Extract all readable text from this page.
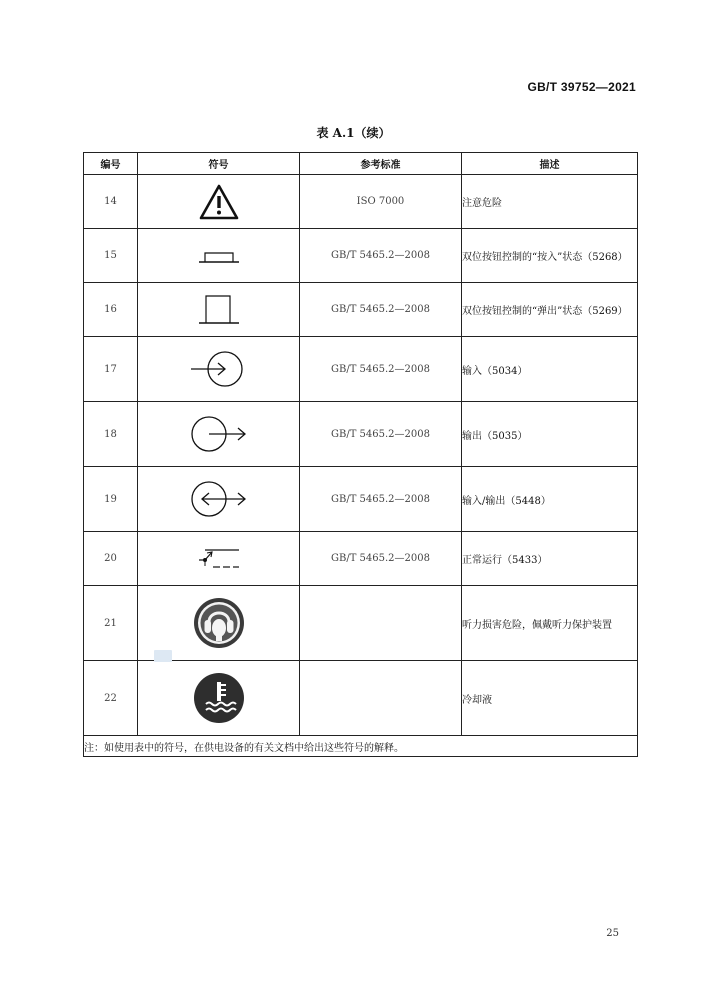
GB/T 39752—2021
表 A.1（续）
编号	符号	参考标准	描述
14		ISO 7000	注意危险
15		GB/T 5465.2—2008	双位按钮控制的“按入”状态（5268）
16		GB/T 5465.2—2008	双位按钮控制的“弹出”状态（5269）
17		GB/T 5465.2—2008	输入（5034）
18		GB/T 5465.2—2008	输出（5035）
19		GB/T 5465.2—2008	输入/输出（5448）
20		GB/T 5465.2—2008	正常运行（5433）
21			听力损害危险，佩戴听力保护装置
22			冷却液
注：如使用表中的符号，在供电设备的有关文档中给出这些符号的解释。			
25
